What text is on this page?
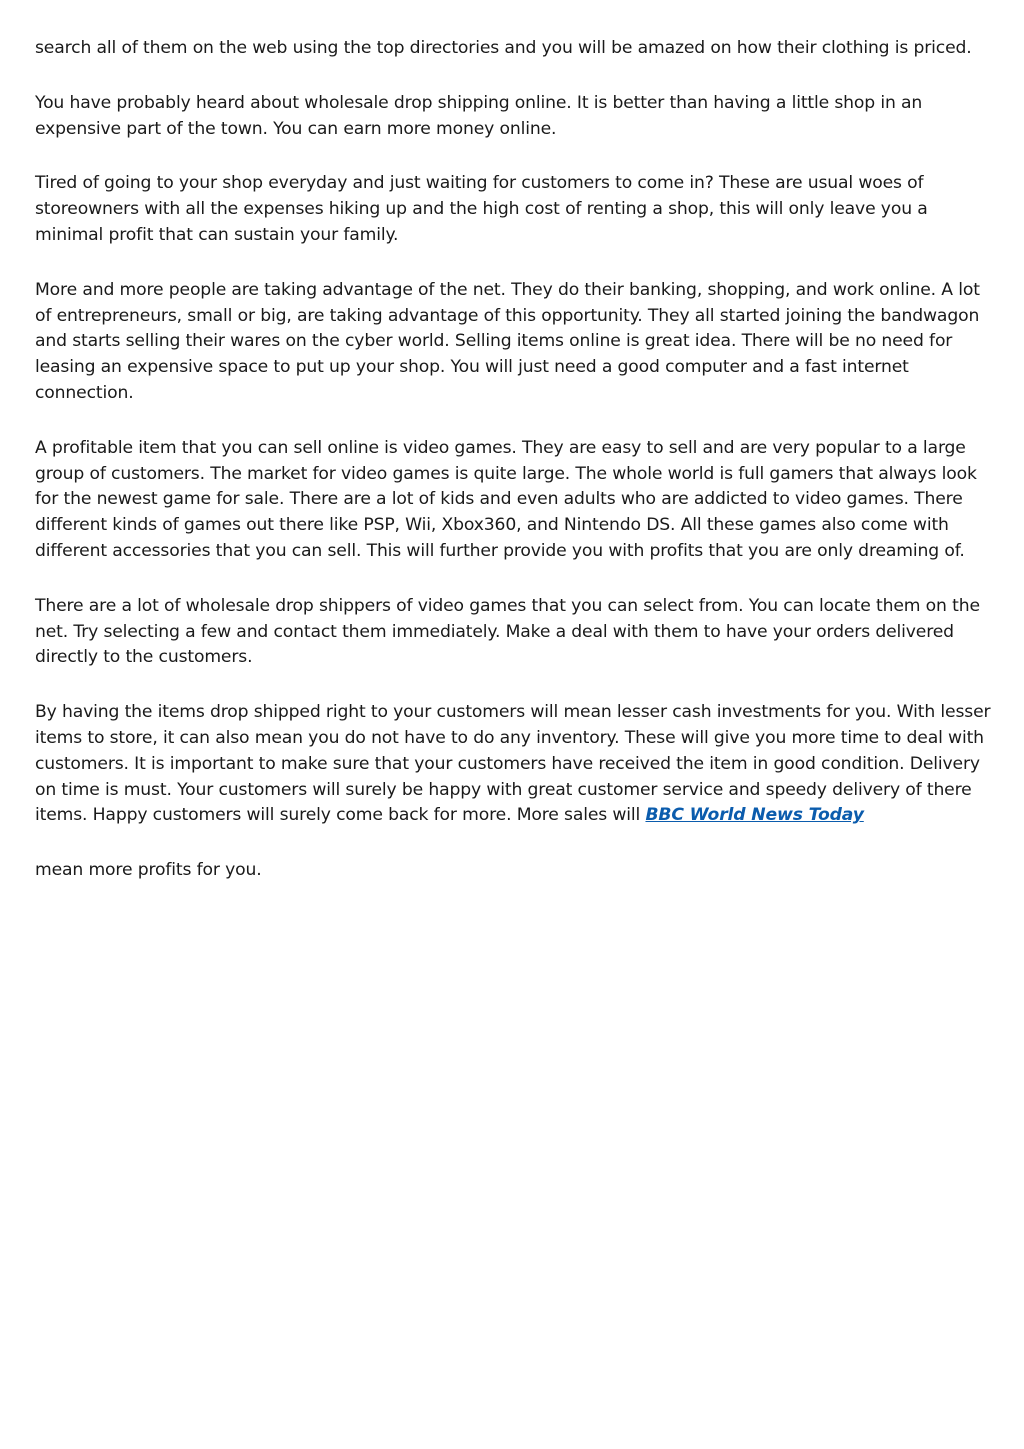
search all of them on the web using the top directories and you will be amazed on how their clothing is priced.

You have probably heard about wholesale drop shipping online. It is better than having a little shop in an expensive part of the town. You can earn more money online.

Tired of going to your shop everyday and just waiting for customers to come in? These are usual woes of storeowners with all the expenses hiking up and the high cost of renting a shop, this will only leave you a minimal profit that can sustain your family.

More and more people are taking advantage of the net. They do their banking, shopping, and work online. A lot of entrepreneurs, small or big, are taking advantage of this opportunity. They all started joining the bandwagon and starts selling their wares on the cyber world. Selling items online is great idea. There will be no need for leasing an expensive space to put up your shop. You will just need a good computer and a fast internet connection.

A profitable item that you can sell online is video games. They are easy to sell and are very popular to a large group of customers. The market for video games is quite large. The whole world is full gamers that always look for the newest game for sale. There are a lot of kids and even adults who are addicted to video games. There different kinds of games out there like PSP, Wii, Xbox360, and Nintendo DS. All these games also come with different accessories that you can sell. This will further provide you with profits that you are only dreaming of.

There are a lot of wholesale drop shippers of video games that you can select from. You can locate them on the net. Try selecting a few and contact them immediately. Make a deal with them to have your orders delivered directly to the customers.

By having the items drop shipped right to your customers will mean lesser cash investments for you. With lesser items to store, it can also mean you do not have to do any inventory. These will give you more time to deal with customers. It is important to make sure that your customers have received the item in good condition. Delivery on time is must. Your customers will surely be happy with great customer service and speedy delivery of there items. Happy customers will surely come back for more. More sales will BBC World News Today

mean more profits for you.
